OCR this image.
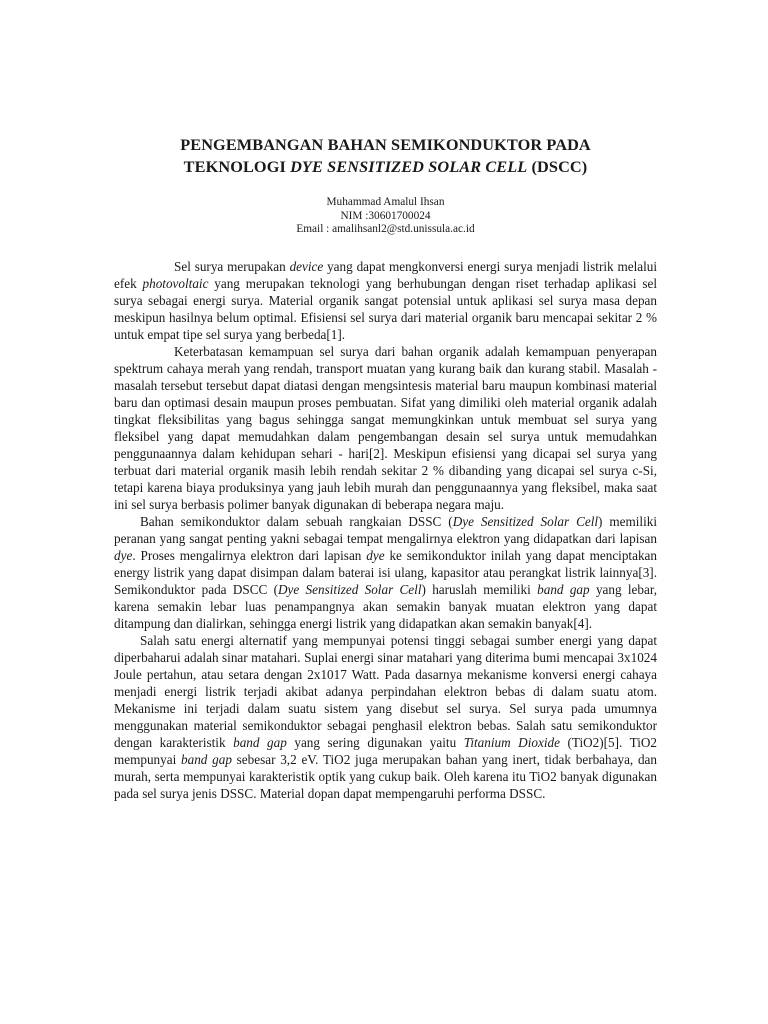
PENGEMBANGAN BAHAN SEMIKONDUKTOR PADA
TEKNOLOGI DYE SENSITIZED SOLAR CELL (DSCC)
Muhammad Amalul Ihsan
NIM :30601700024
Email : amalihsanl2@std.unissula.ac.id

Sel surya merupakan device yang dapat mengkonversi energi surya menjadi listrik melalui efek photovoltaic yang merupakan teknologi yang berhubungan dengan riset terhadap aplikasi sel surya sebagai energi surya. Material organik sangat potensial untuk aplikasi sel surya masa depan meskipun hasilnya belum optimal. Efisiensi sel surya dari material organik baru mencapai sekitar 2 % untuk empat tipe sel surya yang berbeda[1].

Keterbatasan kemampuan sel surya dari bahan organik adalah kemampuan penyerapan spektrum cahaya merah yang rendah, transport muatan yang kurang baik dan kurang stabil. Masalah - masalah tersebut tersebut dapat diatasi dengan mengsintesis material baru maupun kombinasi material baru dan optimasi desain maupun proses pembuatan. Sifat yang dimiliki oleh material organik adalah tingkat fleksibilitas yang bagus sehingga sangat memungkinkan untuk membuat sel surya yang fleksibel yang dapat memudahkan dalam pengembangan desain sel surya untuk memudahkan penggunaannya dalam kehidupan sehari - hari[2]. Meskipun efisiensi yang dicapai sel surya yang terbuat dari material organik masih lebih rendah sekitar 2 % dibanding yang dicapai sel surya c-Si, tetapi karena biaya produksinya yang jauh lebih murah dan penggunaannya yang fleksibel, maka saat ini sel surya berbasis polimer banyak digunakan di beberapa negara maju.

Bahan semikonduktor dalam sebuah rangkaian DSSC (Dye Sensitized Solar Cell) memiliki peranan yang sangat penting yakni sebagai tempat mengalirnya elektron yang didapatkan dari lapisan dye. Proses mengalirnya elektron dari lapisan dye ke semikonduktor inilah yang dapat menciptakan energy listrik yang dapat disimpan dalam baterai isi ulang, kapasitor atau perangkat listrik lainnya[3]. Semikonduktor pada DSCC (Dye Sensitized Solar Cell) haruslah memiliki band gap yang lebar, karena semakin lebar luas penampangnya akan semakin banyak muatan elektron yang dapat ditampung dan dialirkan, sehingga energi listrik yang didapatkan akan semakin banyak[4].

Salah satu energi alternatif yang mempunyai potensi tinggi sebagai sumber energi yang dapat diperbaharui adalah sinar matahari. Suplai energi sinar matahari yang diterima bumi mencapai 3x1024 Joule pertahun, atau setara dengan 2x1017 Watt. Pada dasarnya mekanisme konversi energi cahaya menjadi energi listrik terjadi akibat adanya perpindahan elektron bebas di dalam suatu atom. Mekanisme ini terjadi dalam suatu sistem yang disebut sel surya. Sel surya pada umumnya menggunakan material semikonduktor sebagai penghasil elektron bebas. Salah satu semikonduktor dengan karakteristik band gap yang sering digunakan yaitu Titanium Dioxide (TiO2)[5]. TiO2 mempunyai band gap sebesar 3,2 eV. TiO2 juga merupakan bahan yang inert, tidak berbahaya, dan murah, serta mempunyai karakteristik optik yang cukup baik. Oleh karena itu TiO2 banyak digunakan pada sel surya jenis DSSC. Material dopan dapat mempengaruhi performa DSSC.
